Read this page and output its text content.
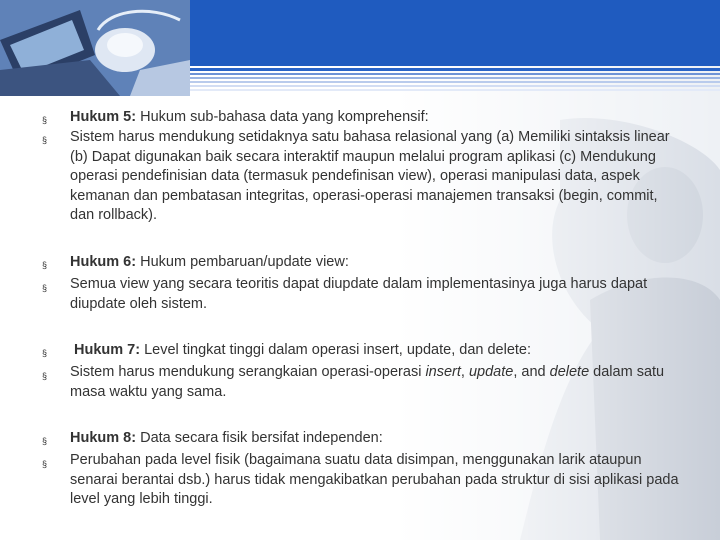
§	Hukum 5: Hukum sub-bahasa data yang komprehensif:
§	Sistem harus mendukung setidaknya satu bahasa relasional yang (a) Memiliki sintaksis linear (b) Dapat digunakan baik secara interaktif maupun melalui program aplikasi (c) Mendukung operasi pendefinisian data (termasuk pendefinisan view), operasi manipulasi data, aspek kemanan dan pembatasan integritas, operasi-operasi manajemen transaksi (begin, commit, dan rollback).
§	Hukum 6: Hukum pembaruan/update view:
§	Semua view yang secara teoritis dapat diupdate dalam implementasinya juga harus dapat diupdate oleh sistem.
§	Hukum 7: Level tingkat tinggi dalam operasi insert, update, dan delete:
§	Sistem harus mendukung serangkaian operasi-operasi insert, update, and delete dalam satu masa waktu yang sama.
§	Hukum 8: Data secara fisik bersifat independen:
§	Perubahan pada level fisik (bagaimana suatu data disimpan, menggunakan larik ataupun senarai berantai dsb.) harus tidak mengakibatkan perubahan pada struktur di sisi aplikasi pada level yang lebih tinggi.
